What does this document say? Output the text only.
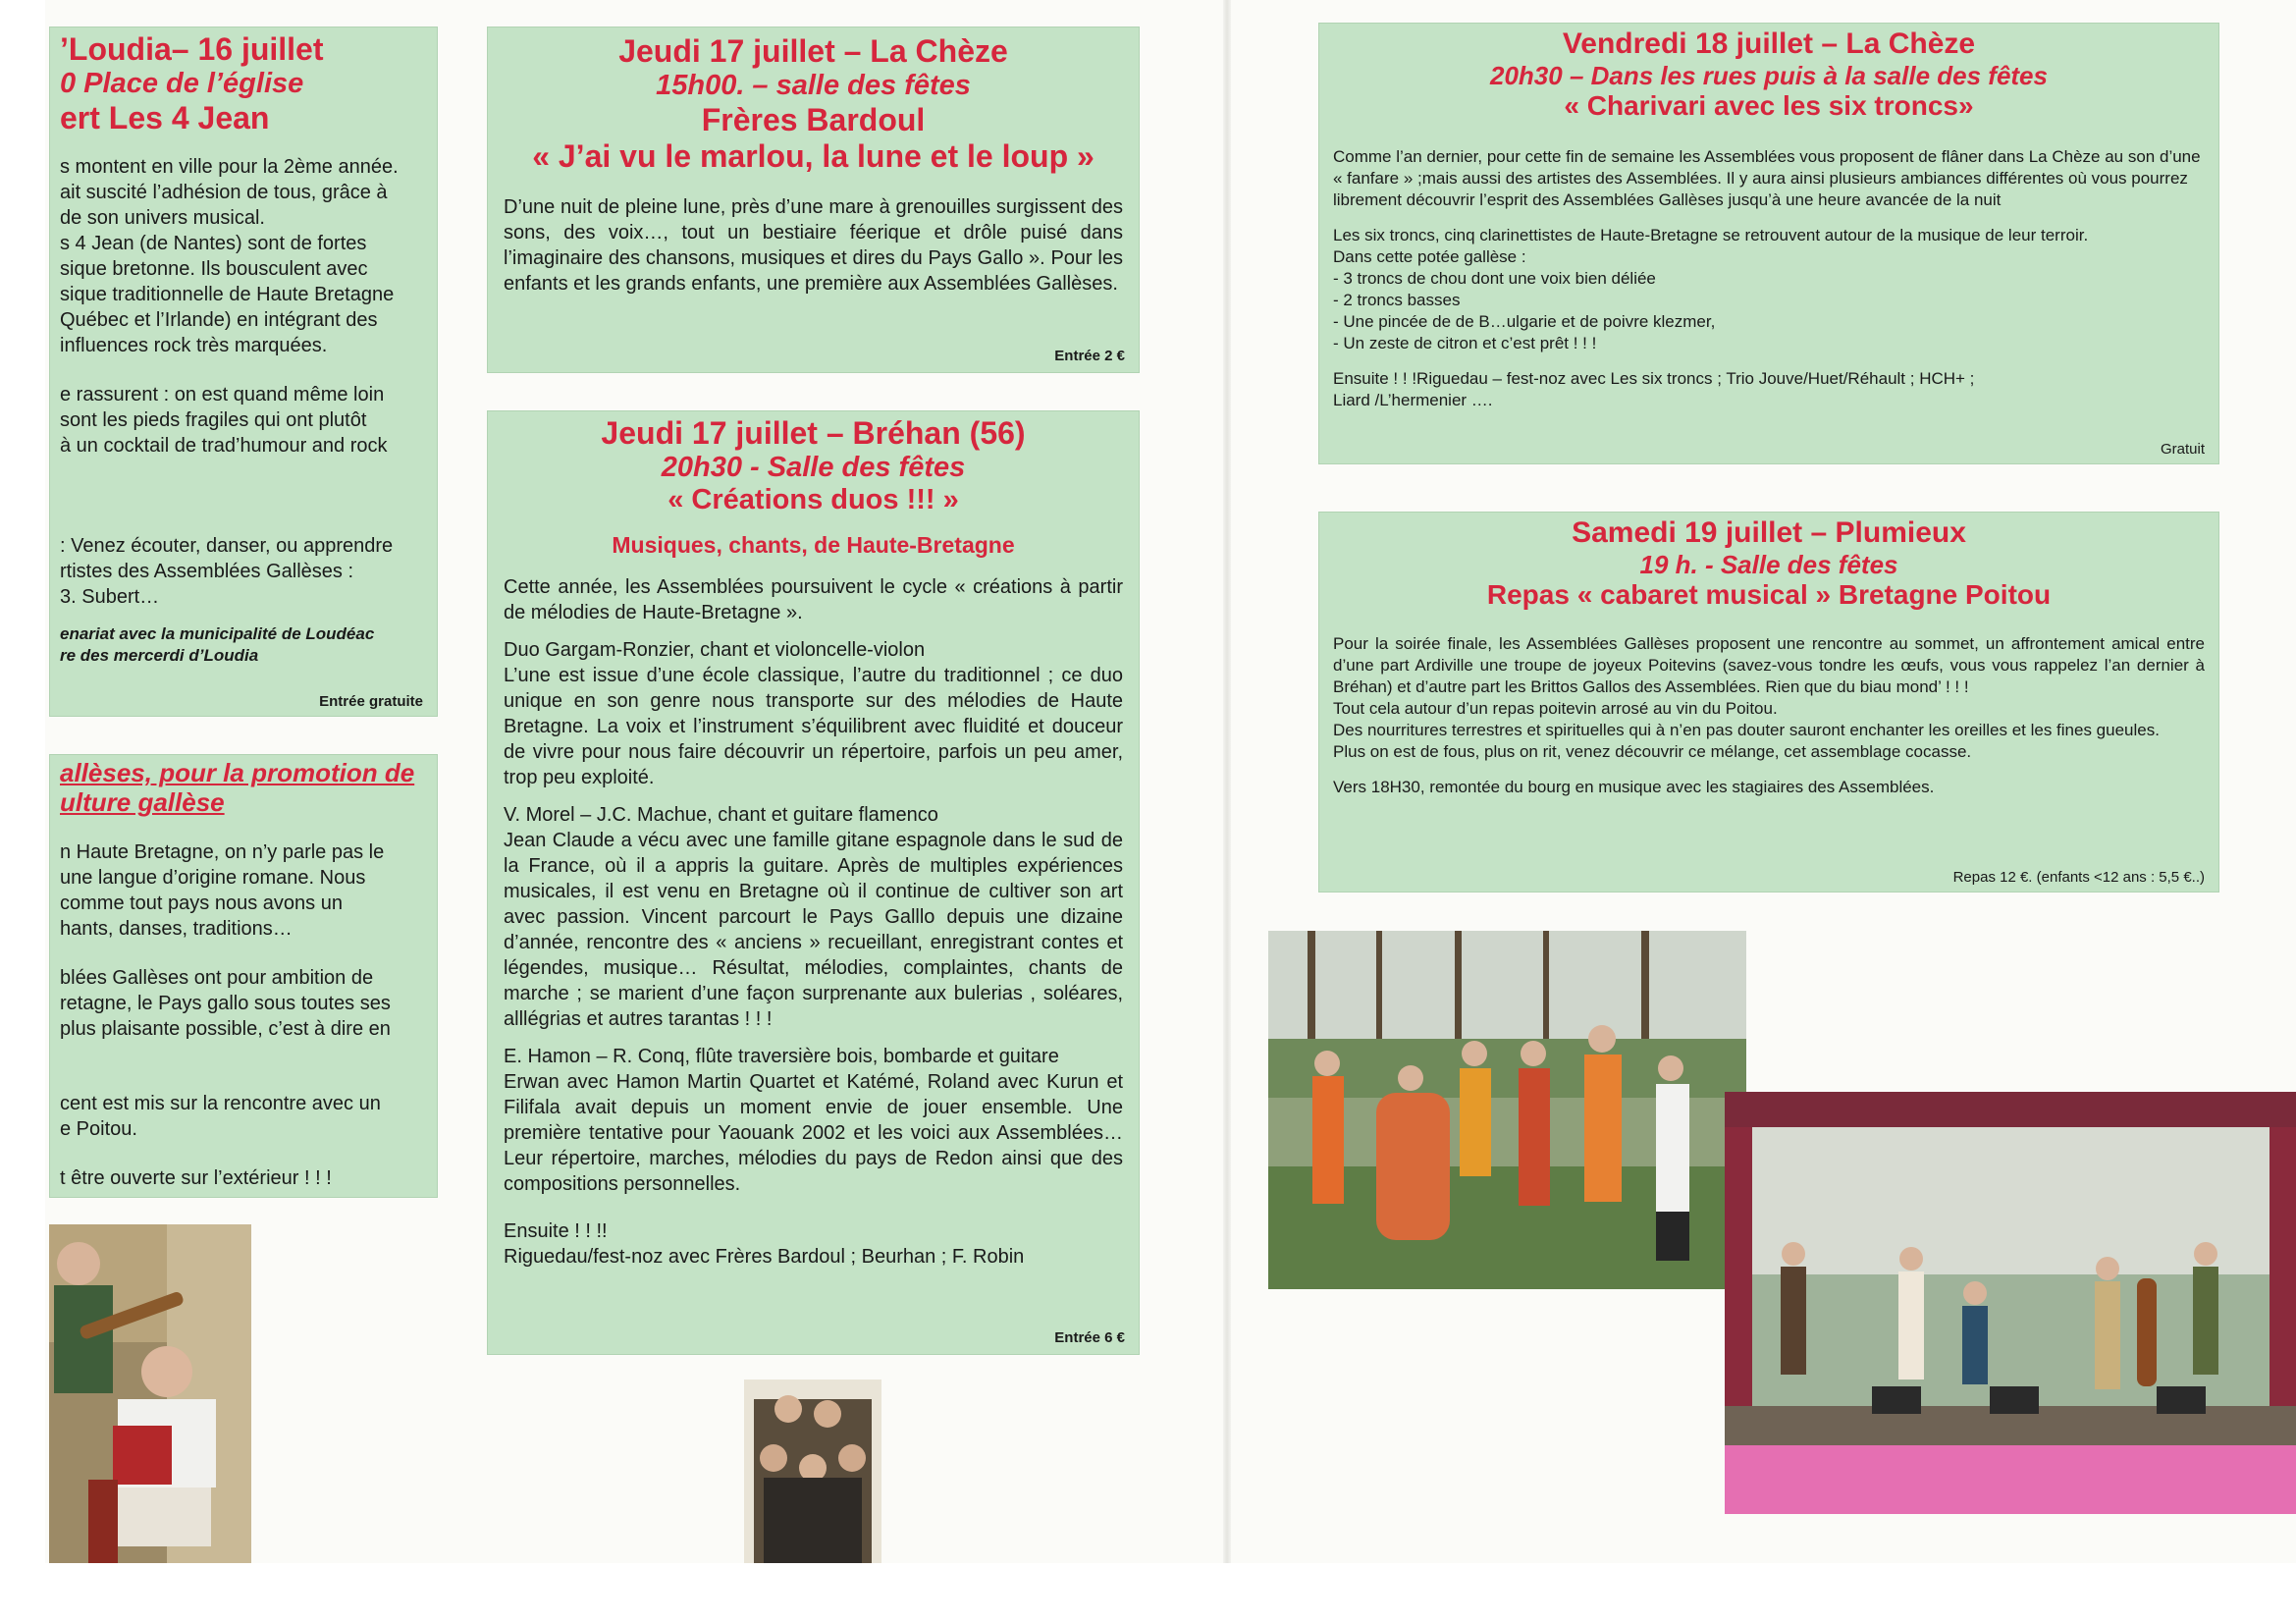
’Loudia– 16 juillet

0 Place de l’église

ert Les 4 Jean

s montent en ville pour la 2ème année.

ait suscité l’adhésion de tous, grâce à

de son univers musical.

s 4 Jean (de Nantes) sont de fortes

sique bretonne. Ils bousculent avec

sique traditionnelle de Haute Bretagne

Québec et l’Irlande) en intégrant des

influences rock très marquées.

e rassurent : on est quand même loin

sont les pieds fragiles qui ont plutôt

à un cocktail de trad’humour and rock

: Venez écouter, danser, ou apprendre

rtistes des Assemblées Gallèses :

3. Subert…

enariat avec la municipalité de Loudéac

re des mercerdi d’Loudia

Entrée gratuite

allèses, pour la promotion de

ulture gallèse

n Haute Bretagne, on n’y parle pas le

une langue d’origine romane. Nous

comme tout pays nous avons un

hants, danses, traditions…

blées Gallèses ont pour ambition de

retagne, le Pays gallo sous toutes ses

plus plaisante possible, c’est à dire en

cent est mis sur la rencontre avec un

e Poitou.

t être ouverte sur l’extérieur ! ! !

Jeudi 17 juillet – La Chèze

15h00. – salle des fêtes

Frères Bardoul

« J’ai vu le marlou, la lune et le loup »

D’une nuit de pleine lune, près d’une mare à grenouilles surgissent des sons, des voix…, tout un bestiaire féerique et drôle puisé dans l’imaginaire des chansons, musiques et dires du Pays Gallo ». Pour les enfants et les grands enfants, une première aux Assemblées Gallèses.

Entrée 2 €

Jeudi 17 juillet – Bréhan (56)

20h30 - Salle des fêtes

« Créations duos !!! »

Musiques, chants, de Haute-Bretagne

Cette année, les Assemblées poursuivent le cycle « créations à partir de mélodies de Haute-Bretagne ».

Duo Gargam-Ronzier, chant et violoncelle-violon

L’une est issue d’une école classique, l’autre du traditionnel ; ce duo unique en son genre nous transporte sur des mélodies de Haute Bretagne. La voix et l’instrument s’équilibrent avec fluidité et douceur de vivre pour nous faire découvrir un répertoire, parfois un peu amer, trop peu exploité.

V. Morel – J.C. Machue, chant et guitare flamenco

Jean Claude a vécu avec une famille gitane espagnole dans le sud de la France, où il a appris la guitare. Après de multiples expériences musicales, il est venu en Bretagne où il continue de cultiver son art avec passion. Vincent parcourt le Pays Galllo depuis une dizaine d’année, rencontre des « anciens » recueillant, enregistrant contes et légendes, musique… Résultat, mélodies, complaintes, chants de marche ; se marient d’une façon surprenante aux bulerias , soléares, alllégrias et autres tarantas ! ! !

E. Hamon – R. Conq, flûte traversière bois, bombarde et guitare

Erwan avec Hamon Martin Quartet et Katémé, Roland avec Kurun et Filifala avait depuis un moment envie de jouer ensemble. Une première tentative pour Yaouank 2002 et les voici aux Assemblées… Leur répertoire, marches, mélodies du pays de Redon ainsi que des compositions personnelles.

Ensuite ! ! !!

Riguedau/fest-noz avec Frères Bardoul ; Beurhan ; F. Robin

Entrée 6 €

Vendredi 18 juillet – La Chèze

20h30 – Dans les rues puis à la salle des fêtes

« Charivari avec les six troncs»

Comme l’an dernier, pour cette fin de semaine les Assemblées vous proposent de flâner dans La Chèze au son d’une « fanfare » ;mais aussi des artistes des Assemblées. Il y aura ainsi plusieurs ambiances différentes où vous pourrez librement découvrir l’esprit des Assemblées Gallèses jusqu’à une heure avancée de la nuit

Les six troncs, cinq clarinettistes de Haute-Bretagne se retrouvent autour de la musique de leur terroir.

Dans cette potée gallèse :

- 3 troncs de chou dont une voix bien déliée

- 2 troncs basses

- Une pincée de de B…ulgarie et de poivre klezmer,

- Un zeste de citron et c’est prêt ! ! !

Ensuite ! ! !Riguedau – fest-noz avec Les six troncs ; Trio Jouve/Huet/Réhault ; HCH+ ;

Liard /L’hermenier ….

Gratuit

Samedi 19 juillet – Plumieux

19 h. - Salle des fêtes

Repas « cabaret musical » Bretagne Poitou

Pour la soirée finale, les Assemblées Gallèses proposent une rencontre au sommet, un affrontement amical entre d’une part Ardiville une troupe de joyeux Poitevins (savez-vous tondre les œufs, vous vous rappelez l’an dernier à Bréhan) et d’autre part les Brittos Gallos des Assemblées. Rien que du biau mond’ ! ! !

Tout cela autour d’un repas poitevin arrosé au vin du Poitou.

Des nourritures terrestres et spirituelles qui à n’en pas douter sauront enchanter les oreilles et les fines gueules.

Plus on est de fous, plus on rit, venez découvrir ce mélange, cet assemblage cocasse.

Vers 18H30, remontée du bourg en musique avec les stagiaires des Assemblées.

Repas 12 €. (enfants <12 ans : 5,5 €..)
